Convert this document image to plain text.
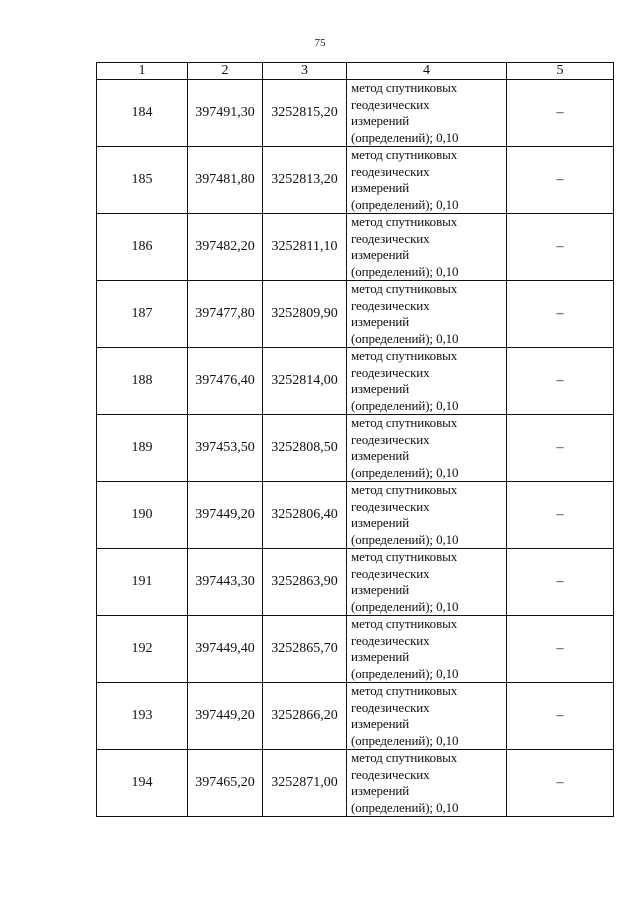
75
1	2	3	4	5
184	397491,30	3252815,20	метод спутниковых
геодезических
измерений
(определений); 0,10	–
185	397481,80	3252813,20	метод спутниковых
геодезических
измерений
(определений); 0,10	–
186	397482,20	3252811,10	метод спутниковых
геодезических
измерений
(определений); 0,10	–
187	397477,80	3252809,90	метод спутниковых
геодезических
измерений
(определений); 0,10	–
188	397476,40	3252814,00	метод спутниковых
геодезических
измерений
(определений); 0,10	–
189	397453,50	3252808,50	метод спутниковых
геодезических
измерений
(определений); 0,10	–
190	397449,20	3252806,40	метод спутниковых
геодезических
измерений
(определений); 0,10	–
191	397443,30	3252863,90	метод спутниковых
геодезических
измерений
(определений); 0,10	–
192	397449,40	3252865,70	метод спутниковых
геодезических
измерений
(определений); 0,10	–
193	397449,20	3252866,20	метод спутниковых
геодезических
измерений
(определений); 0,10	–
194	397465,20	3252871,00	метод спутниковых
геодезических
измерений
(определений); 0,10	–
